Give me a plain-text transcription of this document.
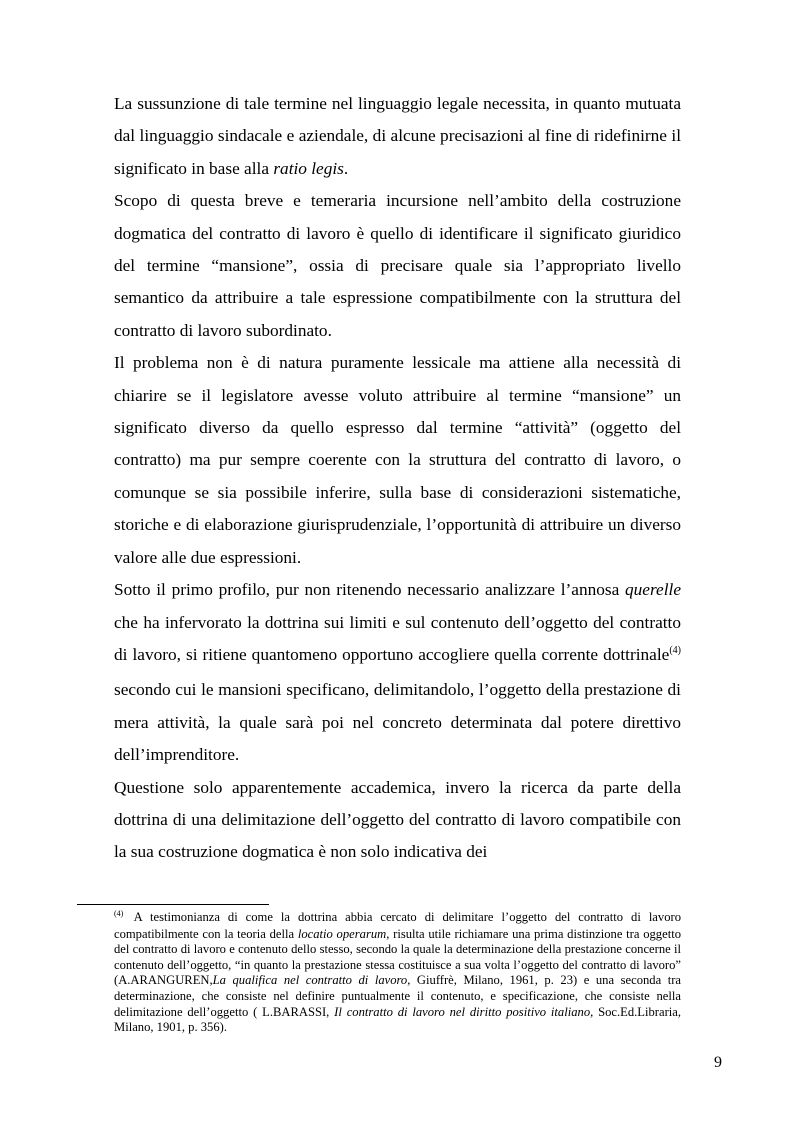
La sussunzione di tale termine nel linguaggio legale necessita, in quanto mutuata dal linguaggio sindacale e aziendale, di alcune precisazioni al fine di ridefinirne il significato in base alla ratio legis.

Scopo di questa breve e temeraria incursione nell’ambito della costruzione dogmatica del contratto di lavoro è quello di identificare il significato giuridico del termine “mansione”, ossia di precisare quale sia l’appropriato livello semantico da attribuire a tale espressione compatibilmente con la struttura del contratto di lavoro subordinato.

Il problema non è di natura puramente lessicale ma attiene alla necessità di chiarire se il legislatore avesse voluto attribuire al termine “mansione” un significato diverso da quello espresso dal termine “attività” (oggetto del contratto) ma pur sempre coerente con la struttura del contratto di lavoro, o comunque se sia possibile inferire, sulla base di considerazioni sistematiche, storiche e di elaborazione giurisprudenziale, l’opportunità di attribuire un diverso valore alle due espressioni.

Sotto il primo profilo, pur non ritenendo necessario analizzare l’annosa querelle che ha infervorato la dottrina sui limiti e sul contenuto dell’oggetto del contratto di lavoro, si ritiene quantomeno opportuno accogliere quella corrente dottrinale$^{(4)}$ secondo cui le mansioni specificano, delimitandolo, l’oggetto della prestazione di mera attività, la quale sarà poi nel concreto determinata dal potere direttivo dell’imprenditore.

Questione solo apparentemente accademica, invero la ricerca da parte della dottrina di una delimitazione dell’oggetto del contratto di lavoro compatibile con la sua costruzione dogmatica è non solo indicativa dei

$^{(4)}$ A testimonianza di come la dottrina abbia cercato di delimitare l’oggetto del contratto di lavoro compatibilmente con la teoria della locatio operarum, risulta utile richiamare una prima distinzione tra oggetto del contratto di lavoro e contenuto dello stesso, secondo la quale la determinazione della prestazione concerne il contenuto dell’oggetto, “in quanto la prestazione stessa costituisce a sua volta l’oggetto del contratto di lavoro” (A.ARANGUREN,La qualifica nel contratto di lavoro, Giuffrè, Milano, 1961, p. 23) e una seconda tra determinazione, che consiste nel definire puntualmente il contenuto, e specificazione, che consiste nella delimitazione dell’oggetto ( L.BARASSI, Il contratto di lavoro nel diritto positivo italiano, Soc.Ed.Libraria, Milano, 1901, p. 356).
9
